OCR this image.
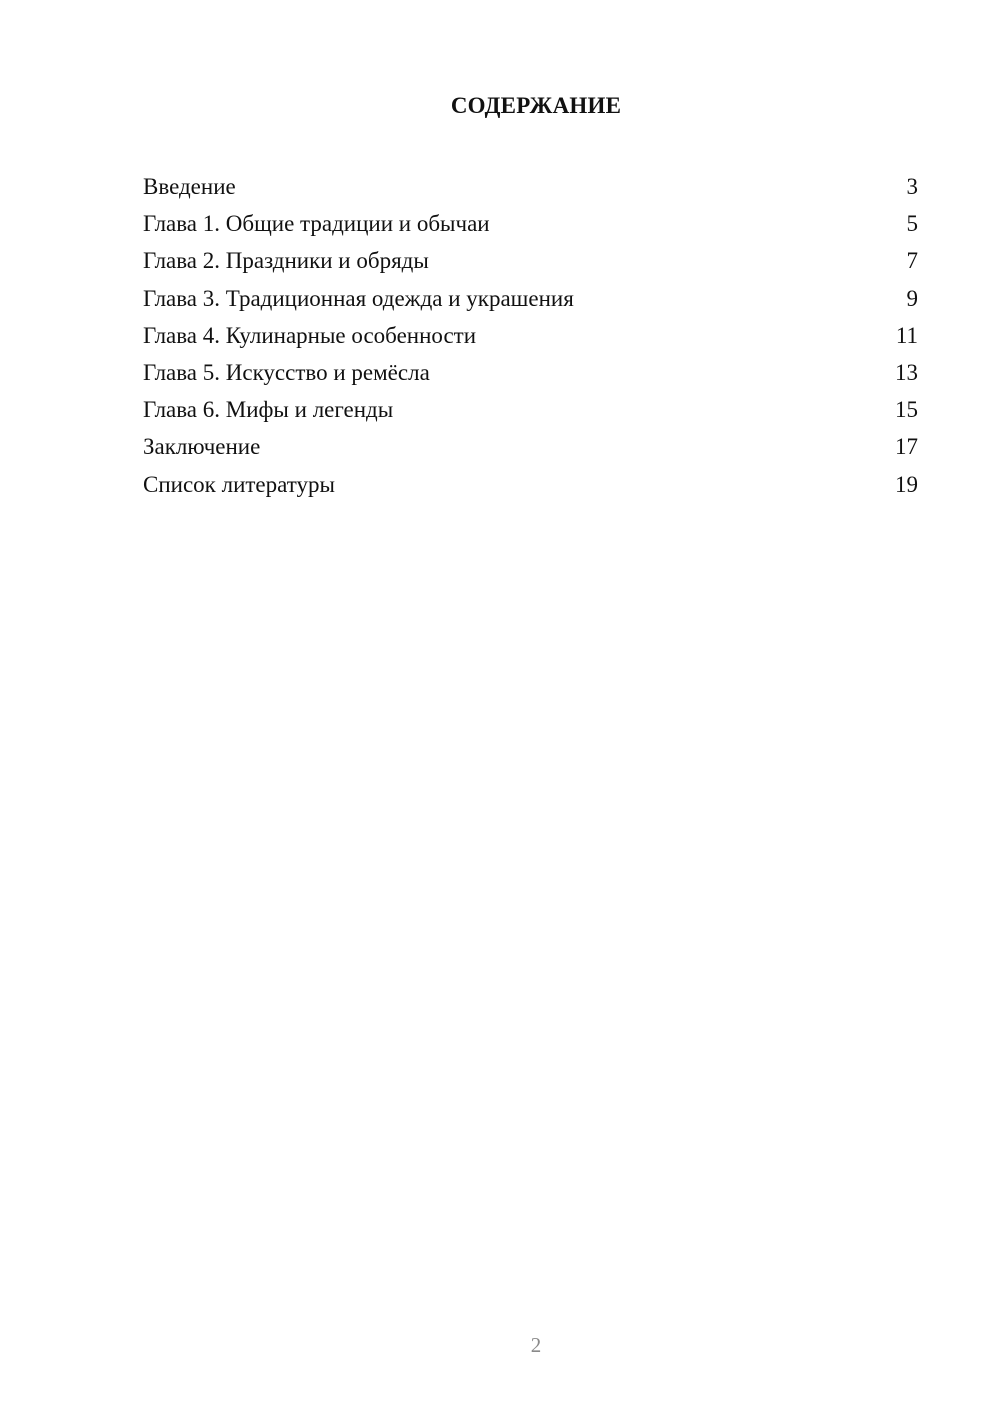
СОДЕРЖАНИЕ
Введение	3
Глава 1. Общие традиции и обычаи	5
Глава 2. Праздники и обряды	7
Глава 3. Традиционная одежда и украшения	9
Глава 4. Кулинарные особенности	11
Глава 5. Искусство и ремёсла	13
Глава 6. Мифы и легенды	15
Заключение	17
Список литературы	19
2
